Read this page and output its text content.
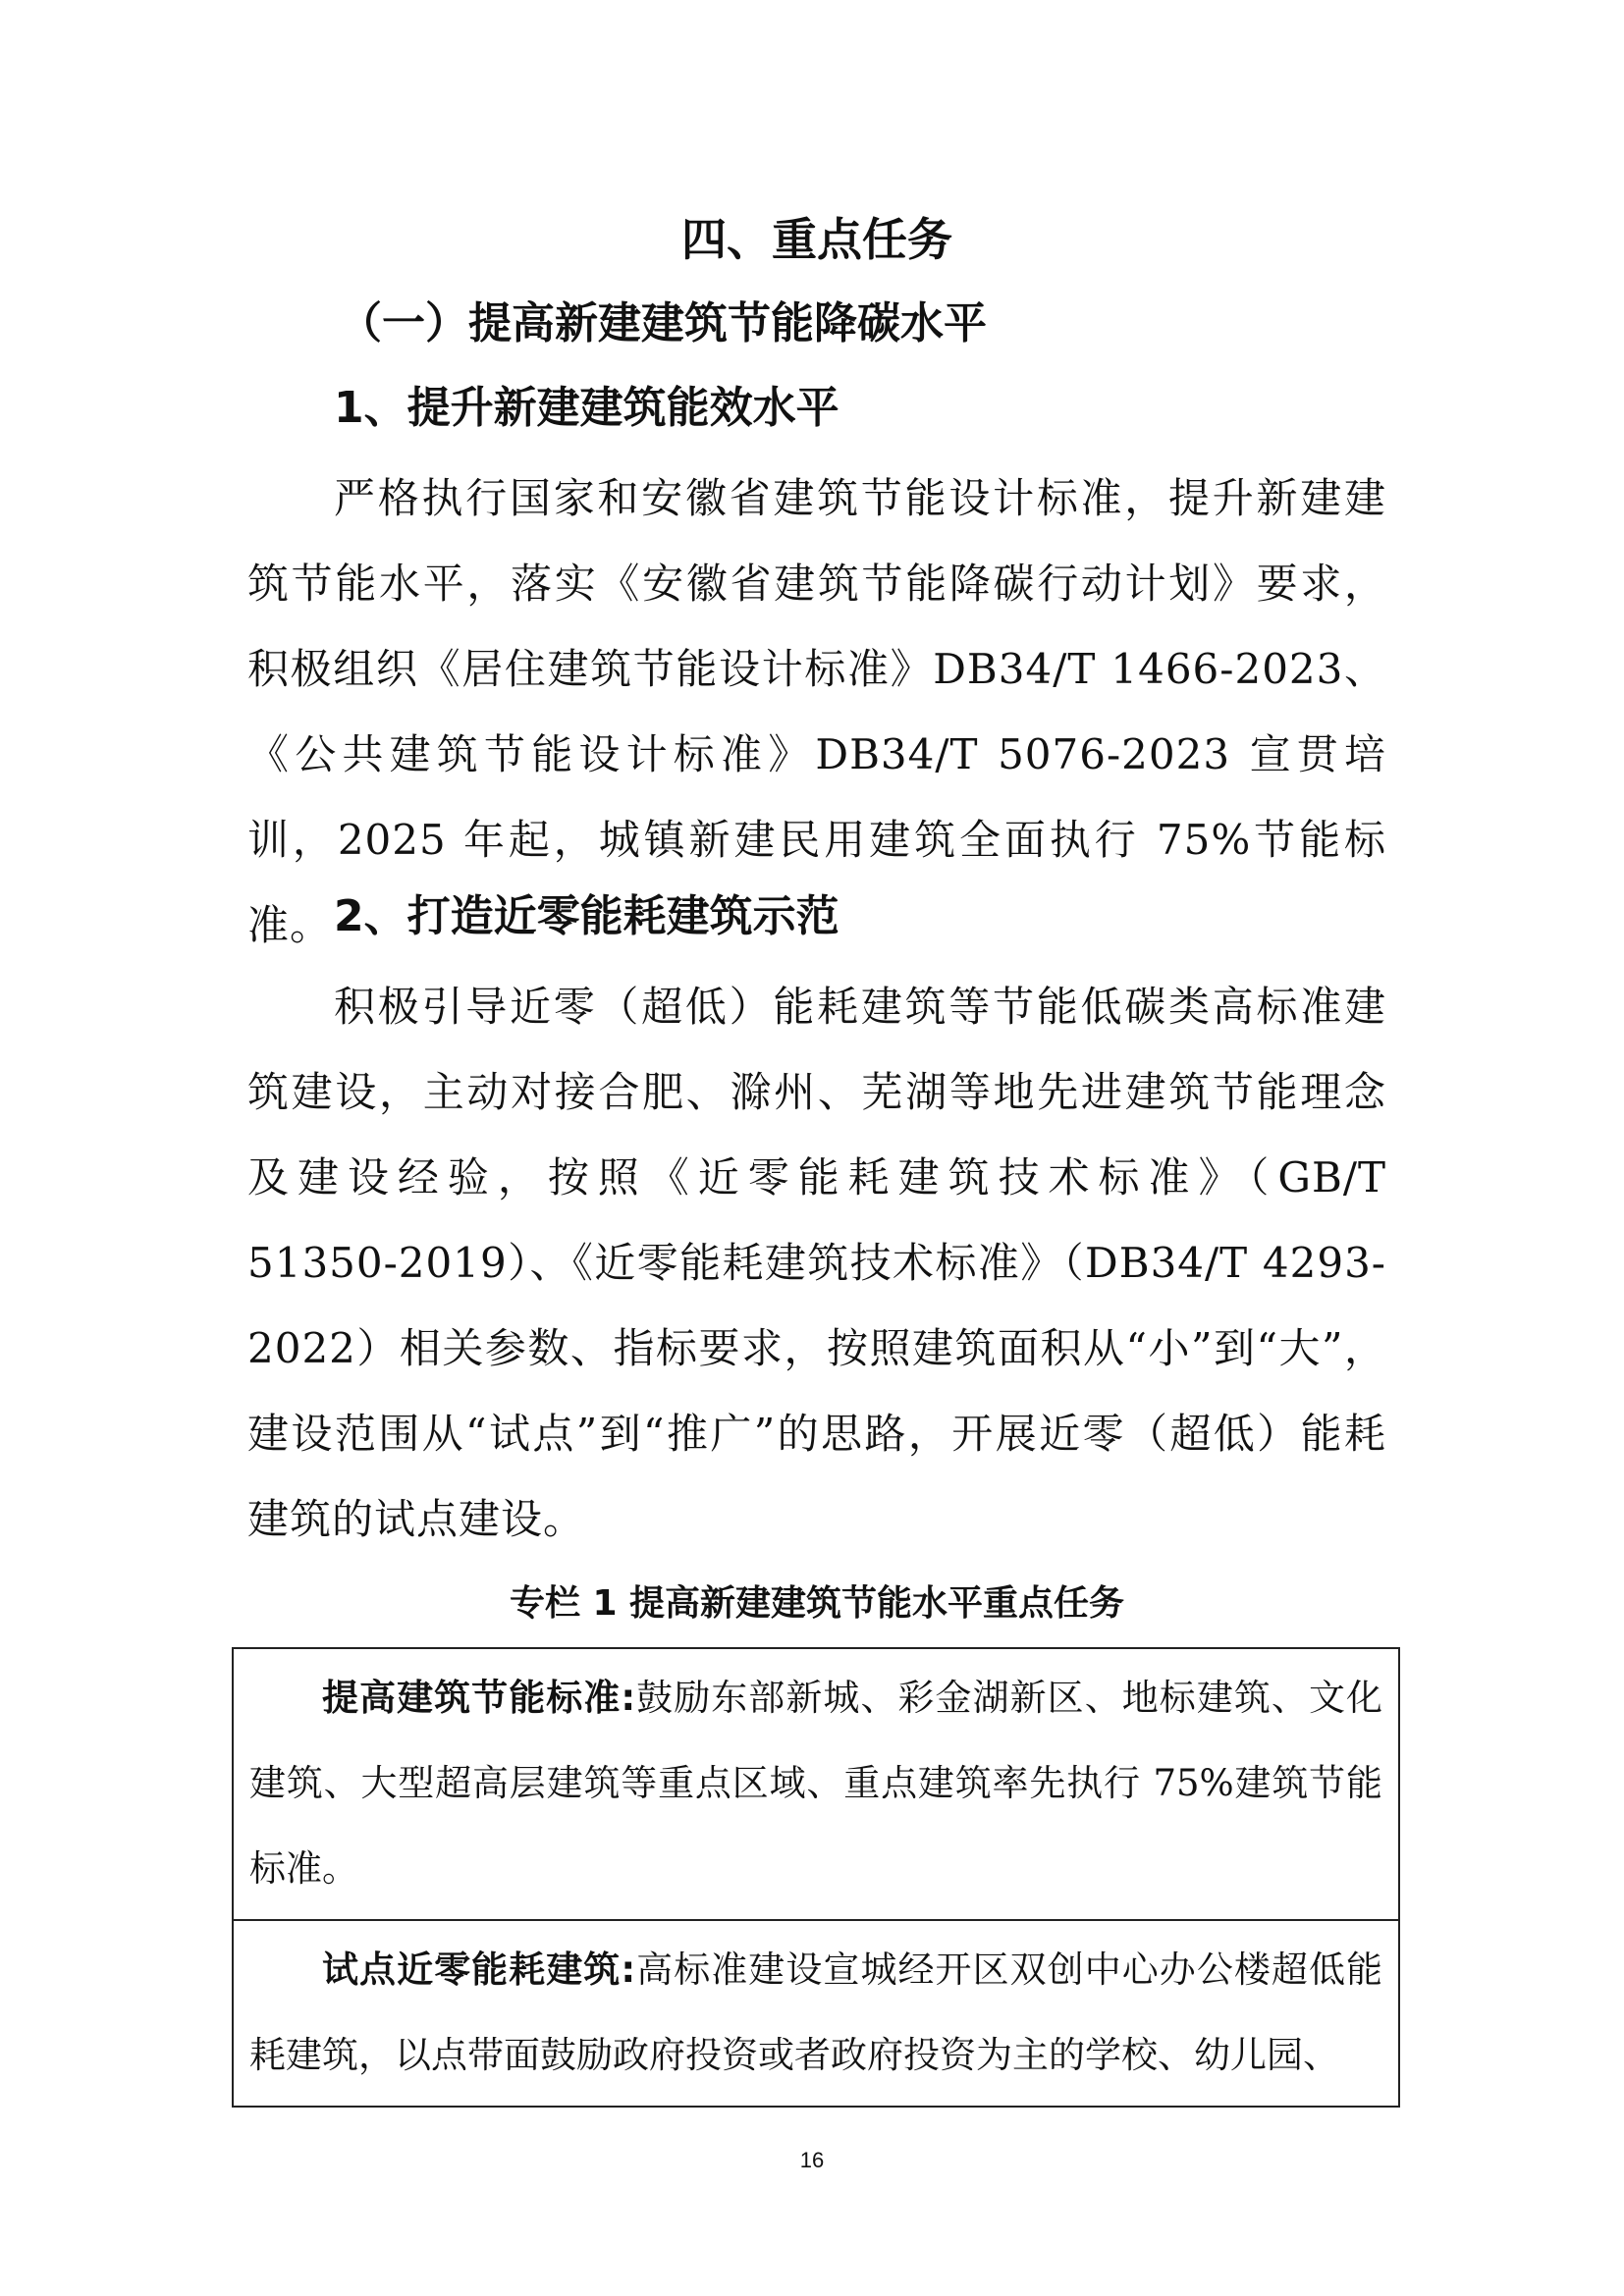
四、重点任务
（一）提高新建建筑节能降碳水平
1、提升新建建筑能效水平
严格执行国家和安徽省建筑节能设计标准，提升新建建筑节能水平，落实《安徽省建筑节能降碳行动计划》要求，积极组织《居住建筑节能设计标准》DB34/T 1466-2023、《公共建筑节能设计标准》DB34/T 5076-2023 宣贯培训，2025 年起，城镇新建民用建筑全面执行 75%节能标准。 2、打造近零能耗建筑示范
积极引导近零（超低）能耗建筑等节能低碳类高标准建筑建设，主动对接合肥、滁州、芜湖等地先进建筑节能理念及建设经验，按照《近零能耗建筑技术标准》（GB/T 51350-2019）、《近零能耗建筑技术标准》（DB34/T 4293-2022）相关参数、指标要求，按照建筑面积从“小”到“大”，建设范围从“试点”到“推广”的思路，开展近零（超低）能耗建筑的试点建设。
专栏 1 提高新建建筑节能水平重点任务
提高建筑节能标准:鼓励东部新城、彩金湖新区、地标建筑、文化建筑、大型超高层建筑等重点区域、重点建筑率先执行 75%建筑节能标准。
试点近零能耗建筑:高标准建设宣城经开区双创中心办公楼超低能耗建筑，以点带面鼓励政府投资或者政府投资为主的学校、幼儿园、
16
